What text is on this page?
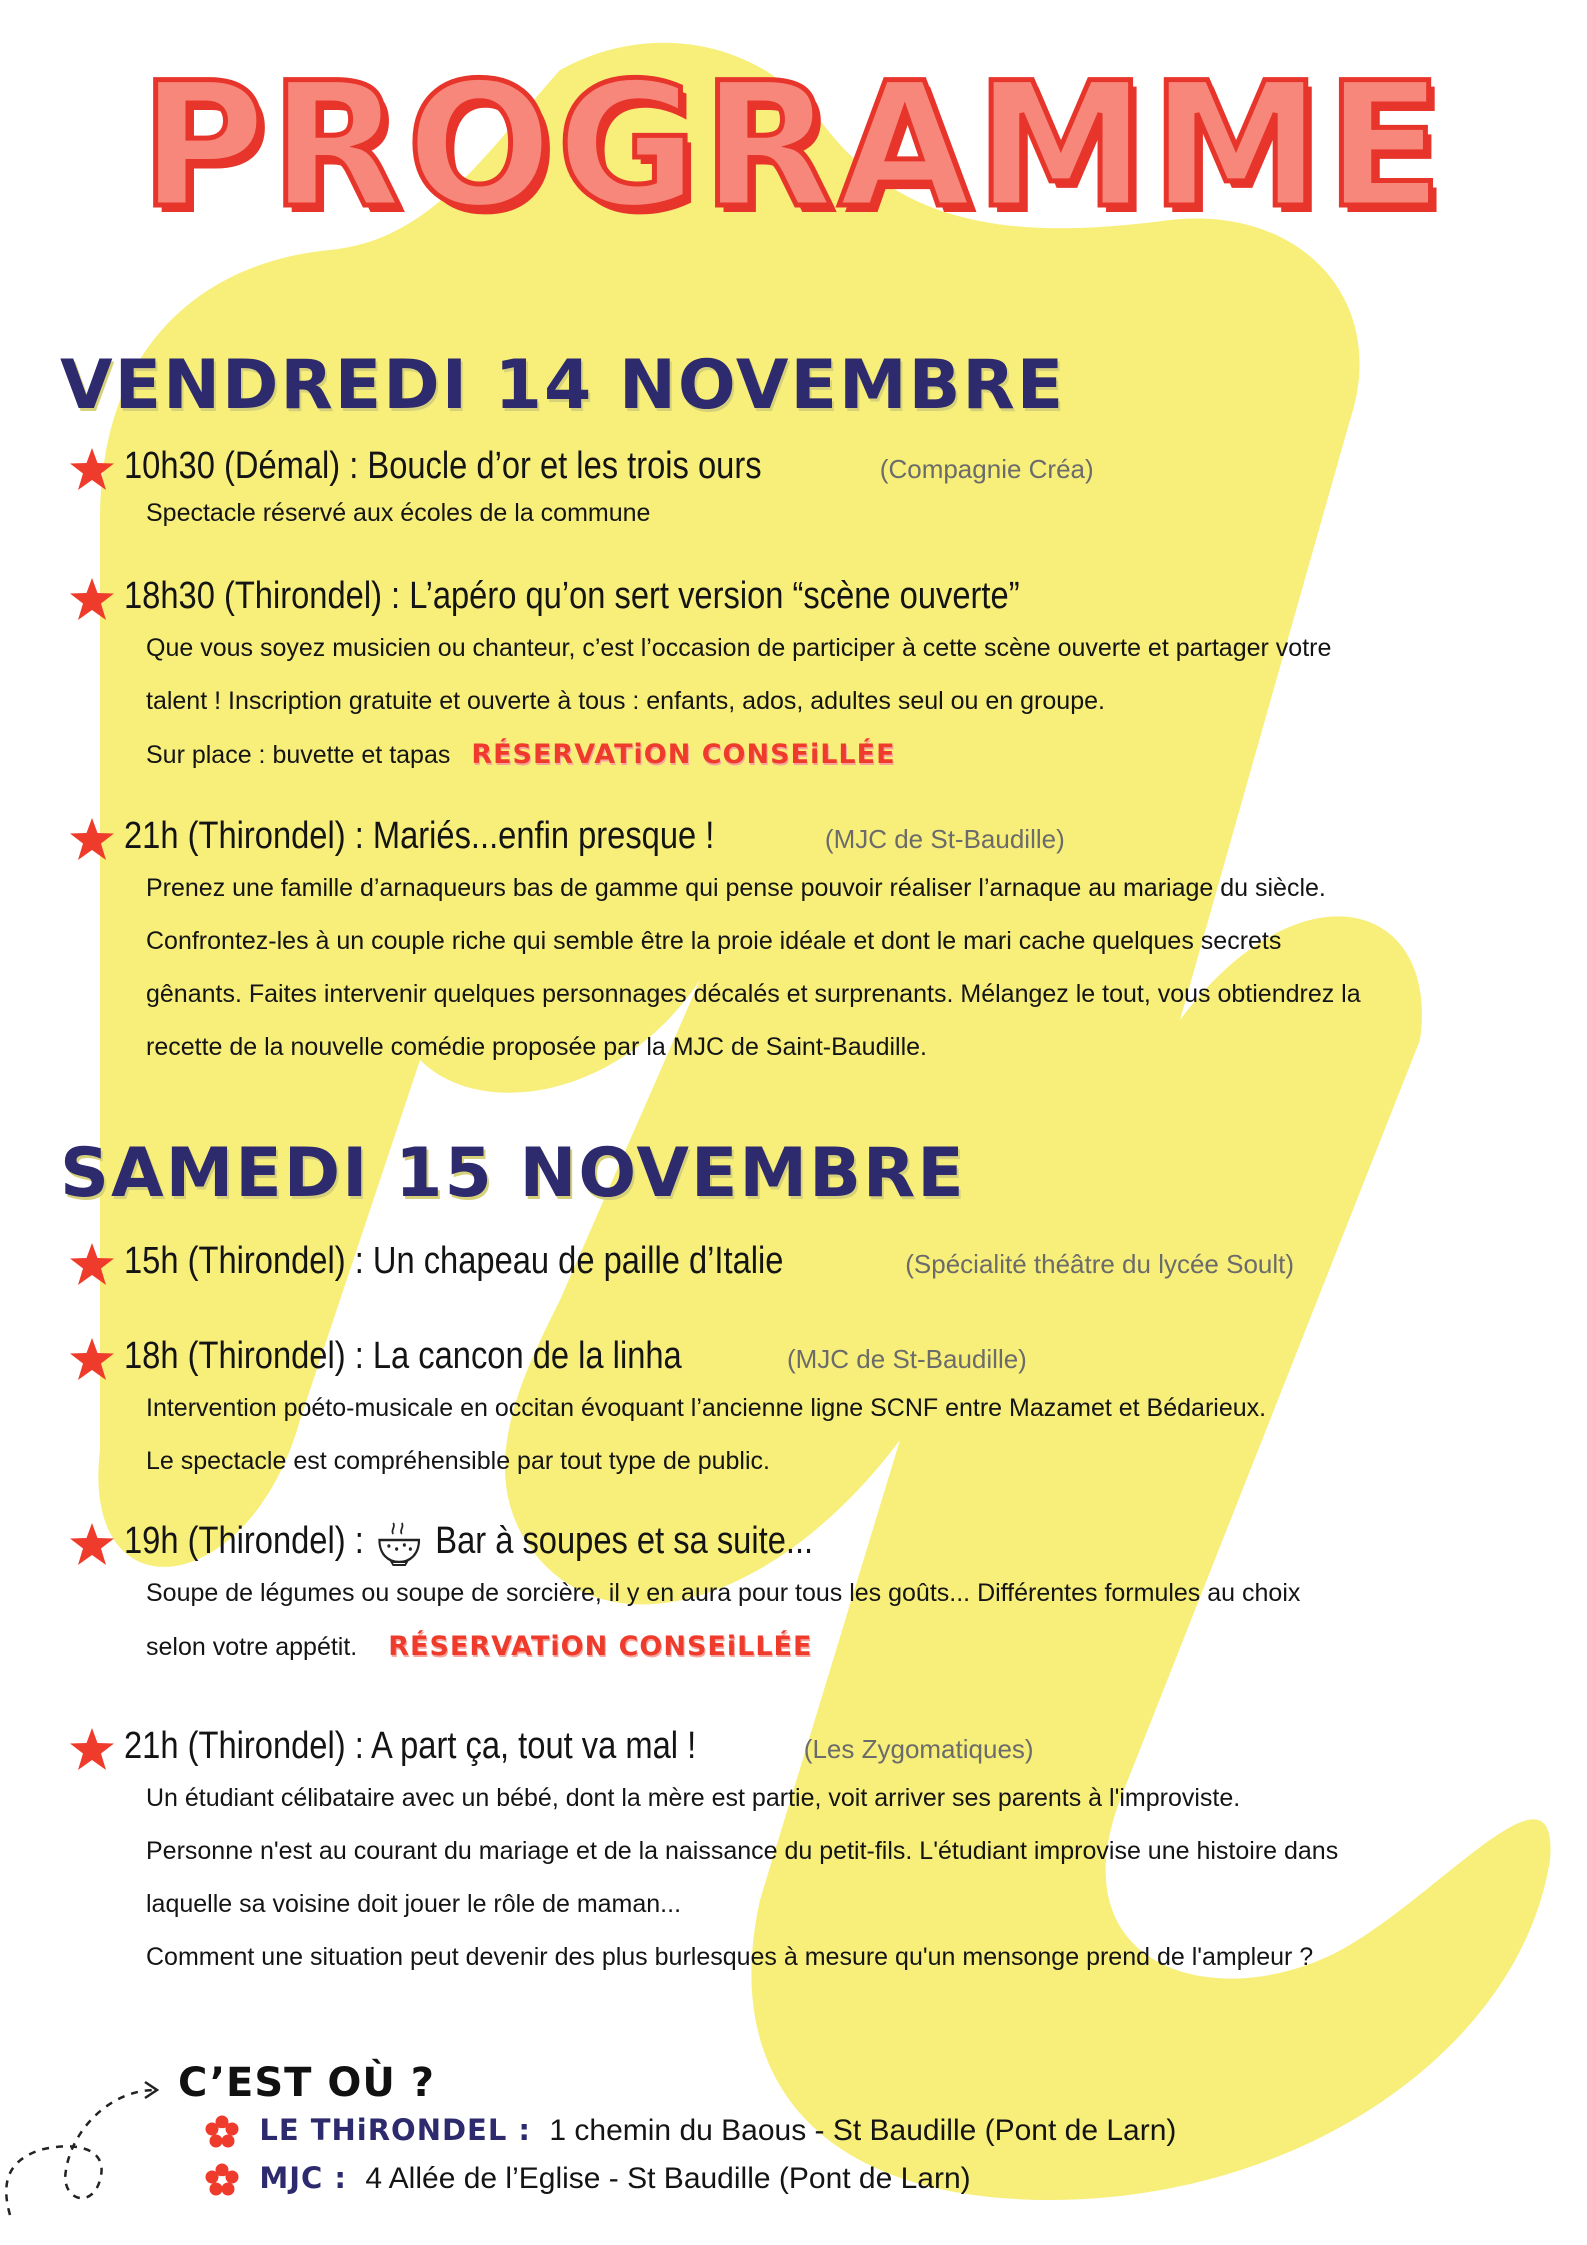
PROGRAMME
VENDREDI 14 NOVEMBRE
10h30 (Démal) : Boucle d’or et les trois ours	(Compagnie Créa)

Spectacle réservé aux écoles de la commune

18h30 (Thirondel) : L’apéro qu’on sert version “scène ouverte”

Que vous soyez musicien ou chanteur, c’est l’occasion de participer à cette scène ouverte et partager votre

talent ! Inscription gratuite et ouverte à tous : enfants, ados, adultes seul ou en groupe.

Sur place : buvette et tapas RÉSERVATiON CONSEiLLÉE

21h (Thirondel) : Mariés...enfin presque !	(MJC de St-Baudille)

Prenez une famille d’arnaqueurs bas de gamme qui pense pouvoir réaliser l’arnaque au mariage du siècle.

Confrontez-les à un couple riche qui semble être la proie idéale et dont le mari cache quelques secrets

gênants. Faites intervenir quelques personnages décalés et surprenants. Mélangez le tout, vous obtiendrez la

recette de la nouvelle comédie proposée par la MJC de Saint-Baudille.

SAMEDI 15 NOVEMBRE
15h (Thirondel) : Un chapeau de paille d’Italie	(Spécialité théâtre du lycée Soult)
18h (Thirondel) : La cancon de la linha	(MJC de St-Baudille)

Intervention poéto-musicale en occitan évoquant l’ancienne ligne SCNF entre Mazamet et Bédarieux.

Le spectacle est compréhensible par tout type de public.

19h (Thirondel) : Bar à soupes et sa suite...

Soupe de légumes ou soupe de sorcière, il y en aura pour tous les goûts... Différentes formules au choix

selon votre appétit. RÉSERVATiON CONSEiLLÉE

21h (Thirondel) : A part ça, tout va mal !	(Les Zygomatiques)

Un étudiant célibataire avec un bébé, dont la mère est partie, voit arriver ses parents à l'improviste.

Personne n'est au courant du mariage et de la naissance du petit-fils. L'étudiant improvise une histoire dans

laquelle sa voisine doit jouer le rôle de maman...

Comment une situation peut devenir des plus burlesques à mesure qu'un mensonge prend de l'ampleur ?

C’EST OÙ ?
LE THiRONDEL : 1 chemin du Baous - St Baudille (Pont de Larn)
MJC : 4 Allée de l’Eglise - St Baudille (Pont de Larn)
